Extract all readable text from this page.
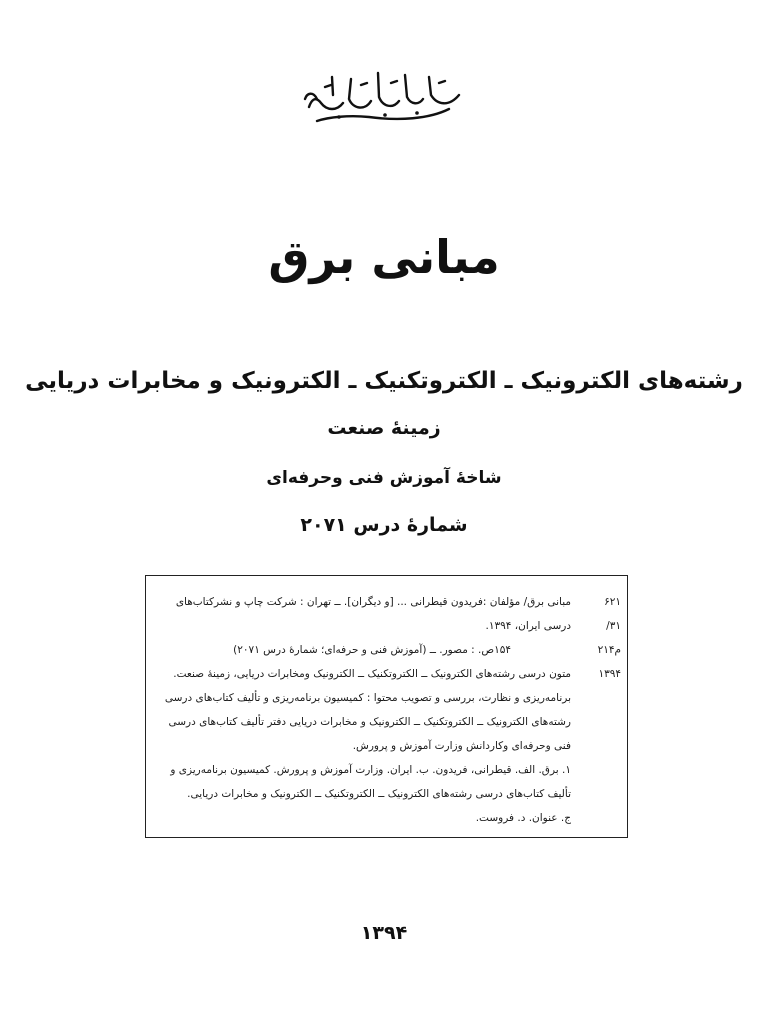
مبانی برق
رشته‌های الکترونیک ـ الکتروتکنیک ـ الکترونیک و مخابرات دریایی
زمینهٔ صنعت
شاخهٔ آموزش فنی وحرفه‌ای
شمارهٔ درس ۲۰۷۱
۶۲۱
/۳۱
م۲۱۴
۱۳۹۴
مبانی برق/ مؤلفان :فریدون قیطرانی ... [و دیگران]. ــ تهران : شرکت چاپ و نشرکتاب‌های
درسی ایران، ۱۳۹۴.
۱۵۴ص. : مصور. ــ (آموزش فنی و حرفه‌ای؛ شمارهٔ درس ۲۰۷۱)
متون درسی رشته‌های الکترونیک ــ الکتروتکنیک ــ الکترونیک ومخابرات دریایی، زمینهٔ صنعت.
برنامه‌ریزی و نظارت، بررسی و تصویب محتوا : کمیسیون برنامه‌ریزی و تألیف کتاب‌های درسی
رشته‌های الکترونیک ــ الکتروتکنیک ــ الکترونیک و مخابرات دریایی دفتر تألیف کتاب‌های درسی
فنی وحرفه‌ای وکاردانش وزارت آموزش و پرورش.
۱. برق. الف. قیطرانی، فریدون. ب. ایران. وزارت آموزش و پرورش. کمیسیون برنامه‌ریزی و
تألیف کتاب‌های درسی رشته‌های الکترونیک ــ الکتروتکنیک ــ الکترونیک و مخابرات دریایی.
ج. عنوان. د. فروست.
۱۳۹۴
